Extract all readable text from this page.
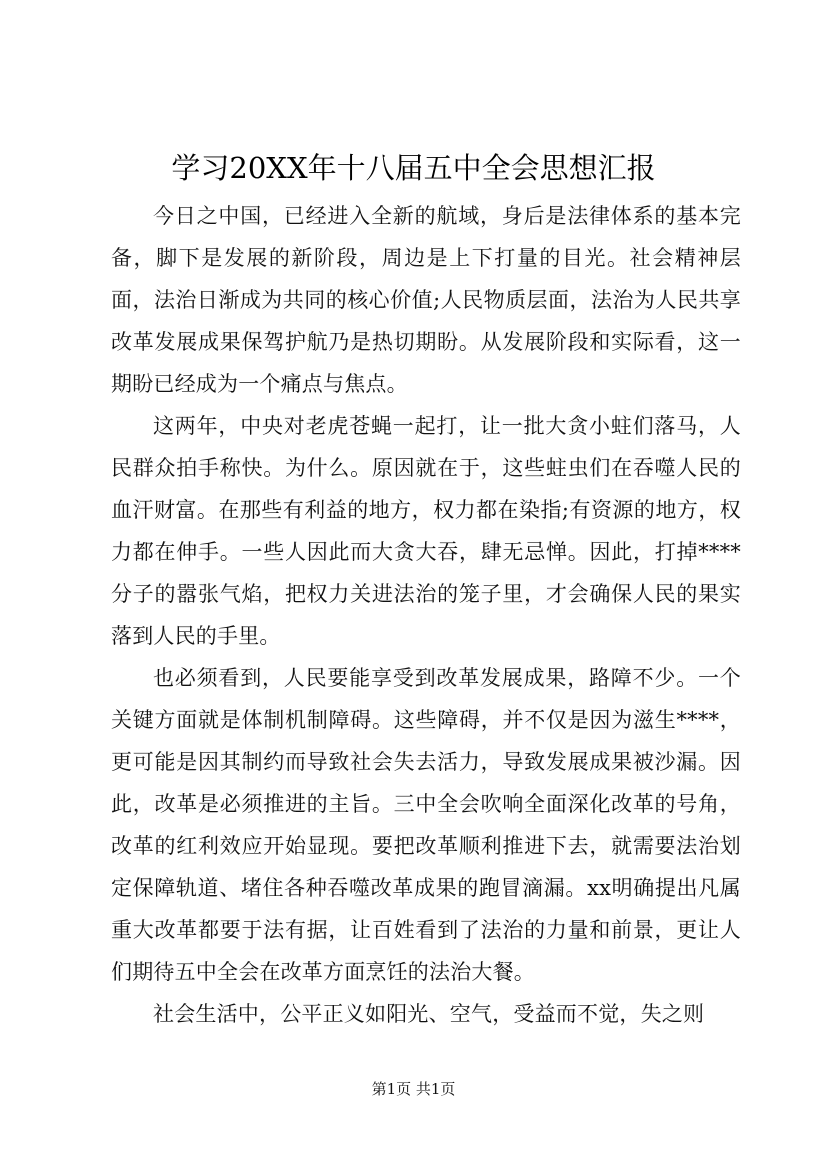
学习20XX年十八届五中全会思想汇报

今日之中国，已经进入全新的航域，身后是法律体系的基本完备，脚下是发展的新阶段，周边是上下打量的目光。社会精神层面，法治日渐成为共同的核心价值;人民物质层面，法治为人民共享改革发展成果保驾护航乃是热切期盼。从发展阶段和实际看，这一期盼已经成为一个痛点与焦点。

这两年，中央对老虎苍蝇一起打，让一批大贪小蛀们落马，人民群众拍手称快。为什么。原因就在于，这些蛀虫们在吞噬人民的血汗财富。在那些有利益的地方，权力都在染指;有资源的地方，权力都在伸手。一些人因此而大贪大吞，肆无忌惮。因此，打掉****分子的嚣张气焰，把权力关进法治的笼子里，才会确保人民的果实落到人民的手里。

也必须看到，人民要能享受到改革发展成果，路障不少。一个关键方面就是体制机制障碍。这些障碍，并不仅是因为滋生****，更可能是因其制约而导致社会失去活力，导致发展成果被沙漏。因此，改革是必须推进的主旨。三中全会吹响全面深化改革的号角，改革的红利效应开始显现。要把改革顺利推进下去，就需要法治划定保障轨道、堵住各种吞噬改革成果的跑冒滴漏。xx明确提出凡属重大改革都要于法有据，让百姓看到了法治的力量和前景，更让人们期待五中全会在改革方面烹饪的法治大餐。

社会生活中，公平正义如阳光、空气，受益而不觉，失之则

第1页 共1页
